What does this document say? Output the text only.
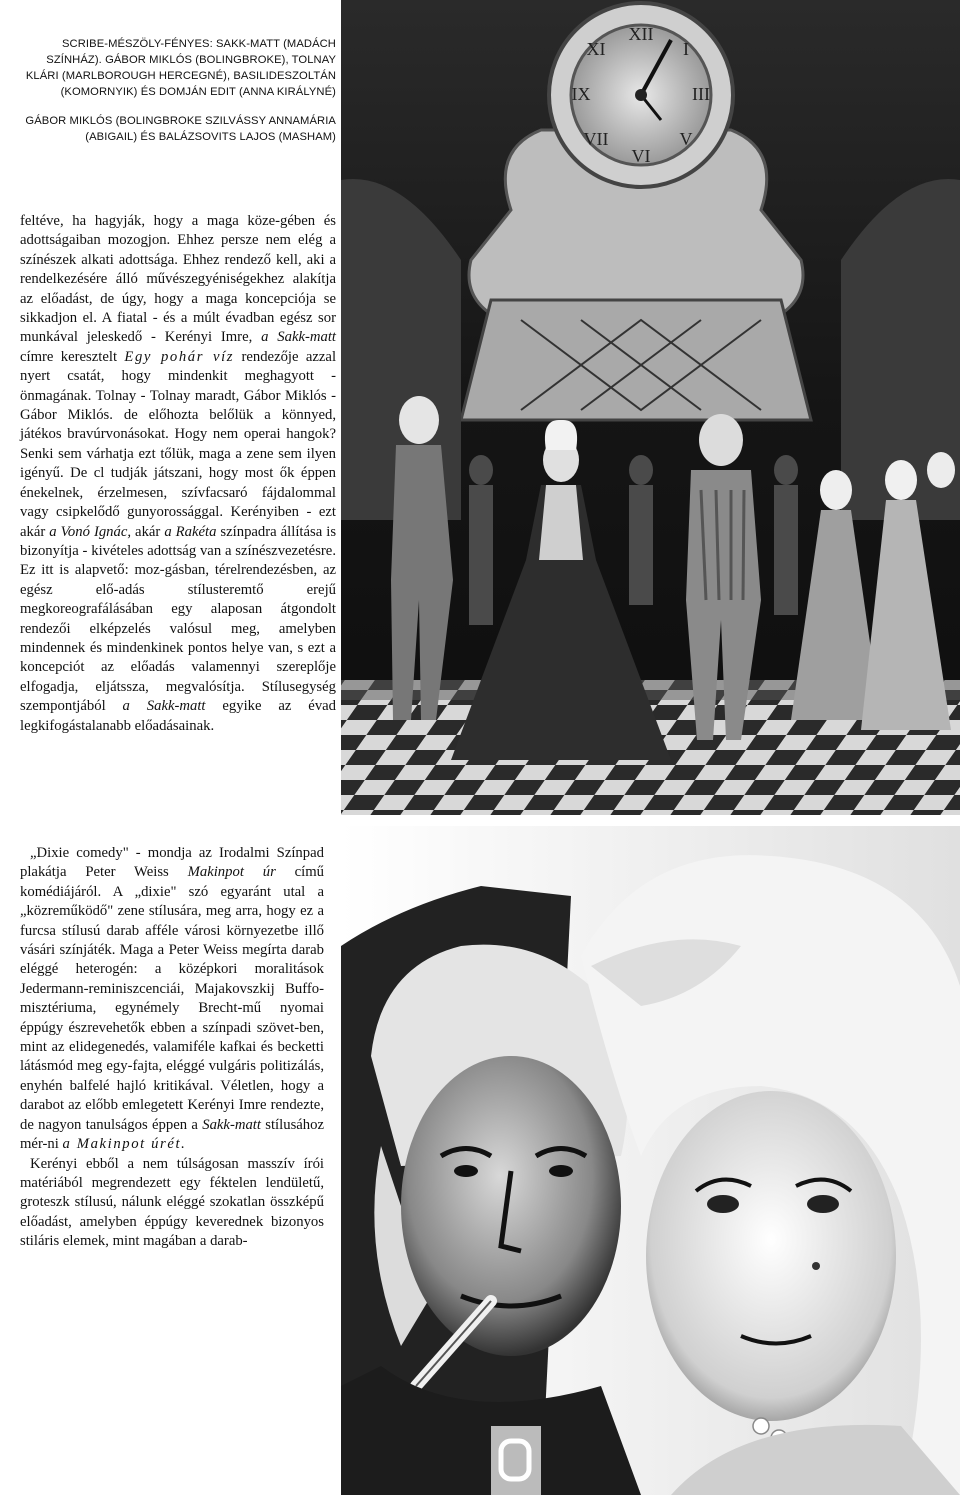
SCRIBE-MÉSZÖLY-FÉNYES: SAKK-MATT (MADÁCH SZÍNHÁZ). GÁBOR MIKLÓS (BOLINGBROKE), TOLNAY KLÁRI (MARLBOROUGH HERCEGNÉ), BASILIDESZOLTÁN (KOMORNYIK) ÉS DOMJÁN EDIT (ANNA KIRÁLYNÉ)

GÁBOR MIKLÓS (BOLINGBROKE SZILVÁSSY ANNAMÁRIA (ABIGAIL) ÉS BALÁZSOVITS LAJOS (MASHAM)

feltéve, ha hagyják, hogy a maga köze-gében és adottságaiban mozogjon. Ehhez persze nem elég a színészek alkati adottsága. Ehhez rendező kell, aki a rendelkezésére álló művészegyéniségekhez alakítja az előadást, de úgy, hogy a maga koncepciója se sikkadjon el. A fiatal - és a múlt évadban egész sor munkával jeleskedő - Kerényi Imre, a Sakk-matt címre keresztelt Egy pohár víz rendezője azzal nyert csatát, hogy mindenkit meghagyott - önmagának. Tolnay - Tolnay maradt, Gábor Miklós - Gábor Miklós. de előhozta belőlük a könnyed, játékos bravúrvonásokat. Hogy nem operai hangok? Senki sem várhatja ezt tőlük, maga a zene sem ilyen igényű. De cl tudják játszani, hogy most ők éppen énekelnek, érzelmesen, szívfacsaró fájdalommal vagy csipkelődő gunyorossággal. Kerényiben - ezt akár a Vonó Ignác, akár a Rakéta színpadra állítása is bizonyítja - kivételes adottság van a színészvezetésre. Ez itt is alapvető: moz-gásban, térelrendezésben, az egész elő-adás stílusteremtő erejű megkoreografálásában egy alaposan átgondolt rendezői elképzelés valósul meg, amelyben mindennek és mindenkinek pontos helye van, s ezt a koncepciót az előadás valamennyi szereplője elfogadja, eljátssza, megvalósítja. Stílusegység szempontjából a Sakk-matt egyike az évad legkifogástalanabb előadásainak.

„Dixie comedy" - mondja az Irodalmi Színpad plakátja Peter Weiss Makinpot úr című komédiájáról. A „dixie" szó egyaránt utal a „közreműködő" zene stílusára, meg arra, hogy ez a furcsa stílusú darab afféle városi környezetbe illő vásári színjáték. Maga a Peter Weiss megírta darab eléggé heterogén: a középkori moralitások Jedermann-reminiszcenciái, Majakovszkij Buffo-misztériuma, egynémely Brecht-mű nyomai éppúgy észrevehetők ebben a színpadi szövet-ben, mint az elidegenedés, valamiféle kafkai és becketti látásmód meg egy-fajta, eléggé vulgáris politizálás, enyhén balfelé hajló kritikával. Véletlen, hogy a darabot az előbb emlegetett Kerényi Imre rendezte, de nagyon tanulságos éppen a Sakk-matt stílusához mér-ni a Makinpot úrét.

Kerényi ebből a nem túlságosan masszív írói matériából megrendezett egy féktelen lendületű, groteszk stílusú, nálunk eléggé szokatlan összképű előadást, amelyben éppúgy keverednek bizonyos stiláris elemek, mint magában a darab-

XII
I
III
V
VI
VII
IX
XI
